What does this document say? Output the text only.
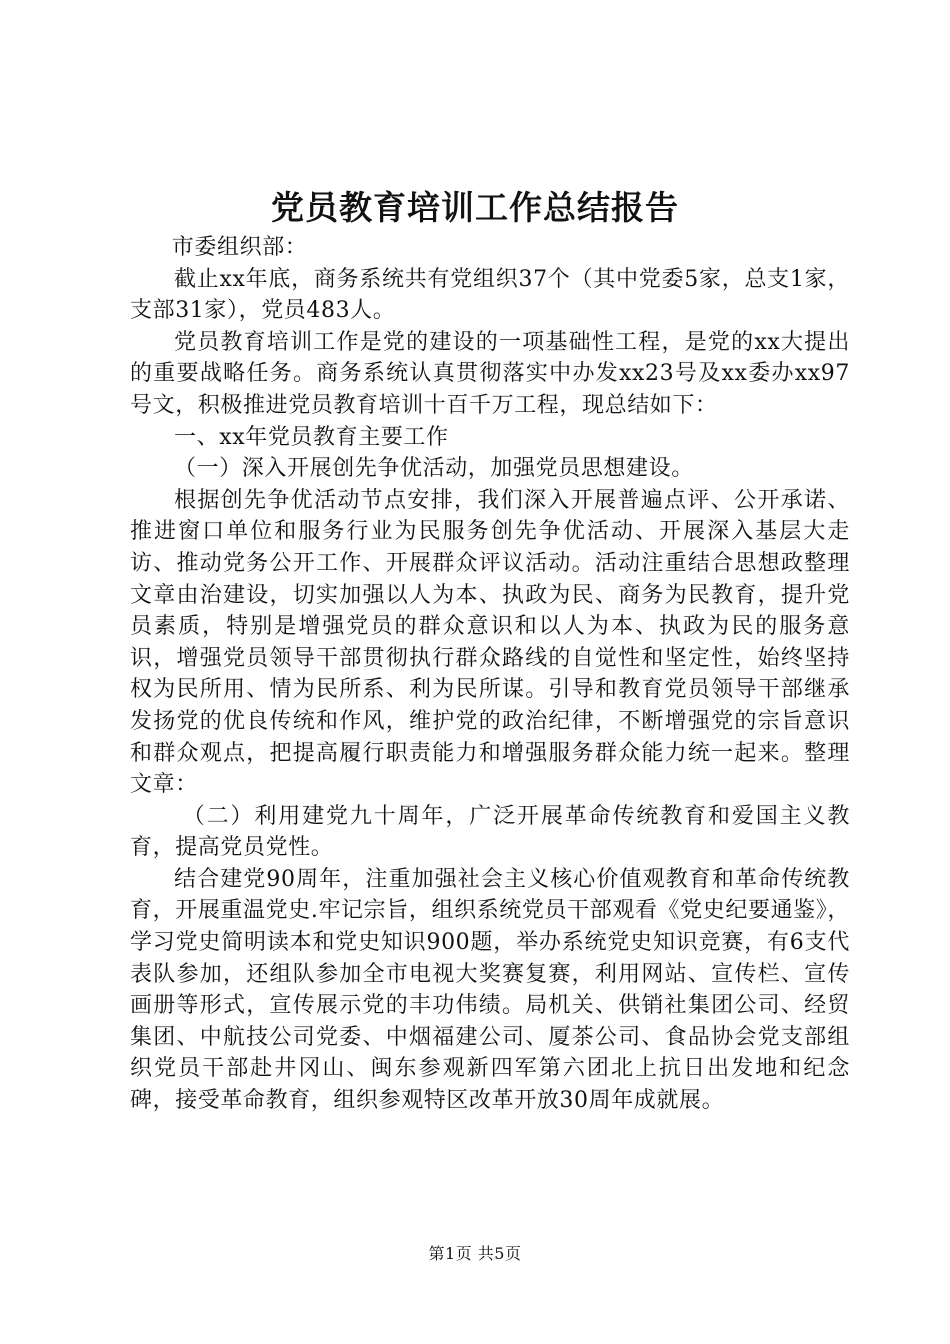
党员教育培训工作总结报告

市委组织部：

截止xx年底，商务系统共有党组织37个（其中党委5家，总支1家，支部31家），党员483人。

党员教育培训工作是党的建设的一项基础性工程，是党的xx大提出的重要战略任务。商务系统认真贯彻落实中办发xx23号及xx委办xx97号文，积极推进党员教育培训十百千万工程，现总结如下：

一、xx年党员教育主要工作

（一）深入开展创先争优活动，加强党员思想建设。

根据创先争优活动节点安排，我们深入开展普遍点评、公开承诺、推进窗口单位和服务行业为民服务创先争优活动、开展深入基层大走访、推动党务公开工作、开展群众评议活动。活动注重结合思想政整理文章由治建设，切实加强以人为本、执政为民、商务为民教育，提升党员素质，特别是增强党员的群众意识和以人为本、执政为民的服务意识，增强党员领导干部贯彻执行群众路线的自觉性和坚定性，始终坚持权为民所用、情为民所系、利为民所谋。引导和教育党员领导干部继承发扬党的优良传统和作风，维护党的政治纪律，不断增强党的宗旨意识和群众观点，把提高履行职责能力和增强服务群众能力统一起来。整理文章：

（二）利用建党九十周年，广泛开展革命传统教育和爱国主义教育，提高党员党性。

结合建党90周年，注重加强社会主义核心价值观教育和革命传统教育，开展重温党史.牢记宗旨，组织系统党员干部观看《党史纪要通鉴》，学习党史简明读本和党史知识900题，举办系统党史知识竞赛，有6支代表队参加，还组队参加全市电视大奖赛复赛，利用网站、宣传栏、宣传画册等形式，宣传展示党的丰功伟绩。局机关、供销社集团公司、经贸集团、中航技公司党委、中烟福建公司、厦茶公司、食品协会党支部组织党员干部赴井冈山、闽东参观新四军第六团北上抗日出发地和纪念碑，接受革命教育，组织参观特区改革开放30周年成就展。

第1页 共5页
